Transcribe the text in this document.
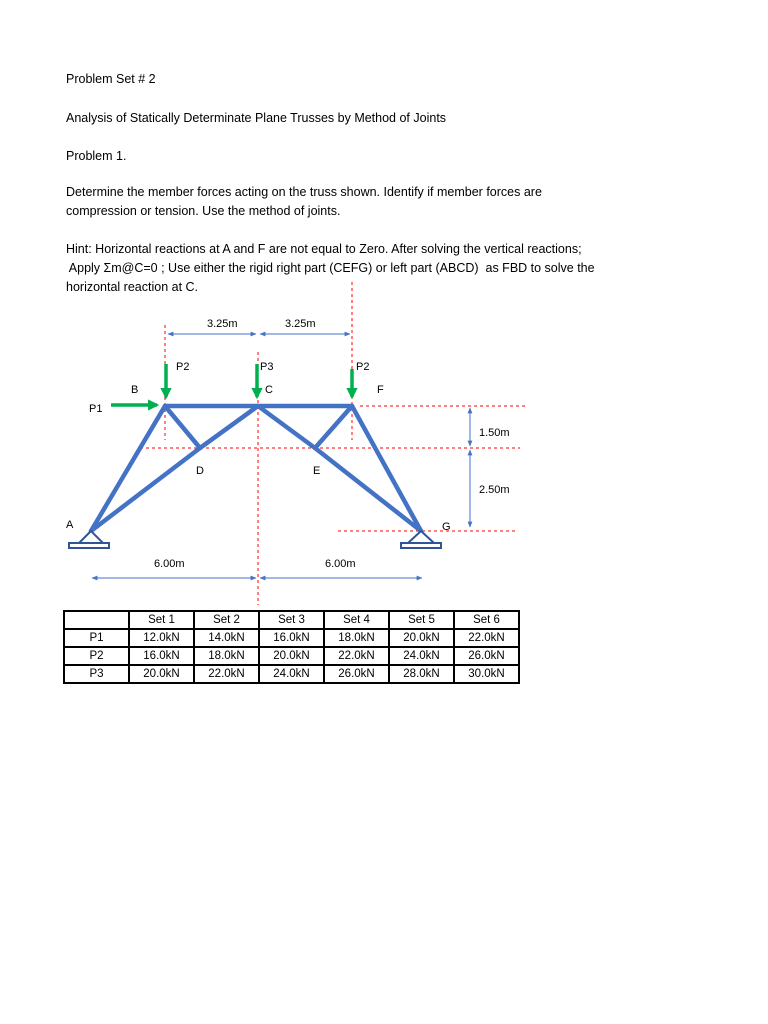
Problem Set # 2
Analysis of Statically Determinate Plane Trusses by Method of Joints
Problem 1.
Determine the member forces acting on the truss shown. Identify if member forces are
compression or tension. Use the method of joints.
Hint: Horizontal reactions at A and F are not equal to Zero. After solving the vertical reactions;
Apply Σm@C=0 ; Use either the rigid right part (CEFG) or left part (ABCD)  as FBD to solve the
horizontal reaction at C.
3.25m	3.25m
6.00m	6.00m
1.50m
2.50m
P2	P3	P2
P1
B	C	F
D	E
A	G
	Set 1	Set 2	Set 3	Set 4	Set 5	Set 6
P1	12.0kN	14.0kN	16.0kN	18.0kN	20.0kN	22.0kN
P2	16.0kN	18.0kN	20.0kN	22.0kN	24.0kN	26.0kN
P3	20.0kN	22.0kN	24.0kN	26.0kN	28.0kN	30.0kN
